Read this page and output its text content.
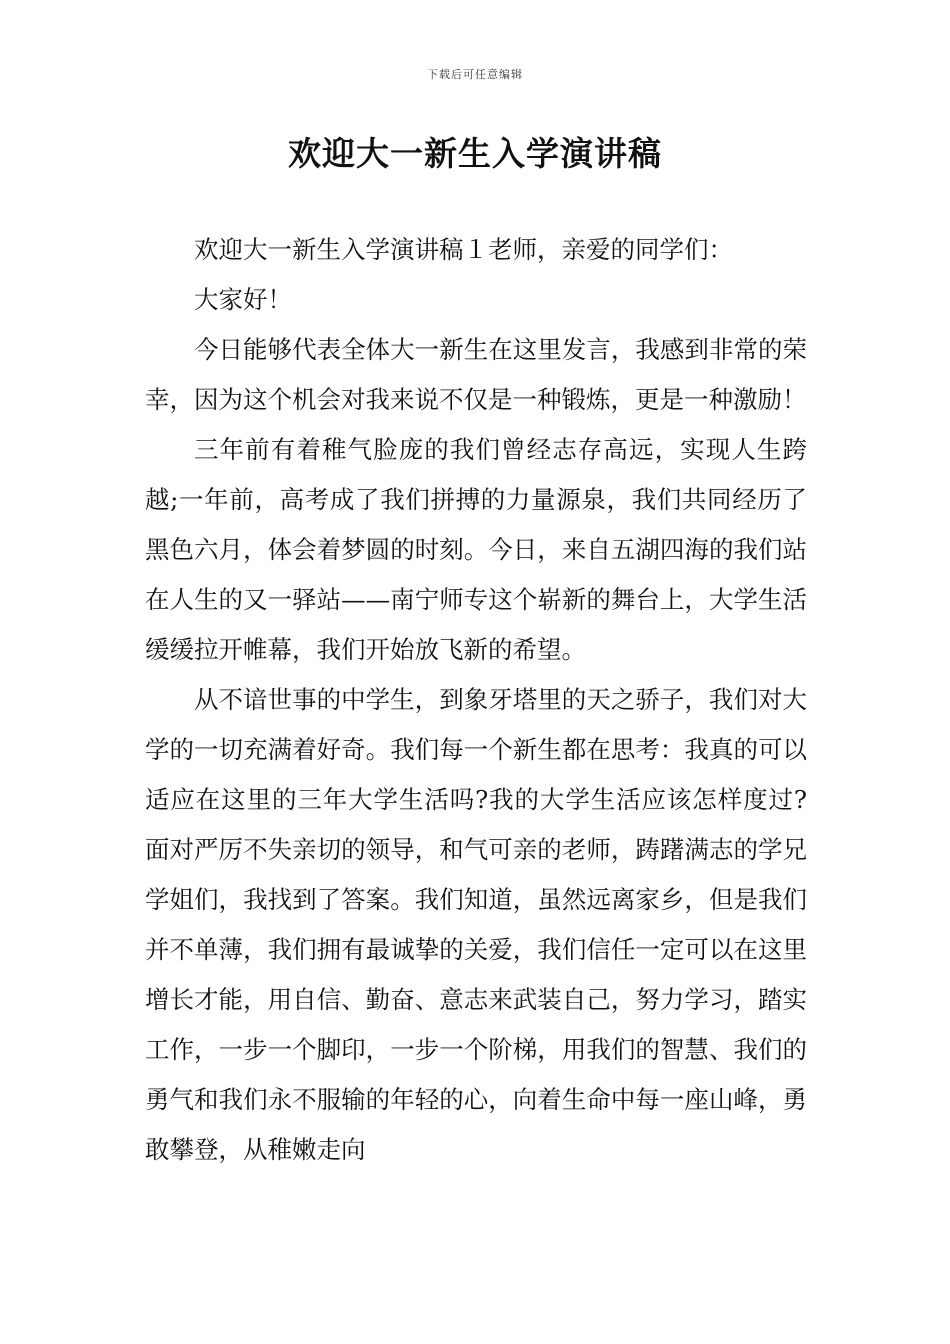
下载后可任意编辑
欢迎大一新生入学演讲稿

欢迎大一新生入学演讲稿１老师，亲爱的同学们：

大家好！

今日能够代表全体大一新生在这里发言，我感到非常的荣幸，因为这个机会对我来说不仅是一种锻炼，更是一种激励！

三年前有着稚气脸庞的我们曾经志存高远，实现人生跨越;一年前，高考成了我们拼搏的力量源泉，我们共同经历了黑色六月，体会着梦圆的时刻。今日，来自五湖四海的我们站在人生的又一驿站——南宁师专这个崭新的舞台上，大学生活缓缓拉开帷幕，我们开始放飞新的希望。

从不谙世事的中学生，到象牙塔里的天之骄子，我们对大学的一切充满着好奇。我们每一个新生都在思考：我真的可以适应在这里的三年大学生活吗?我的大学生活应该怎样度过?面对严厉不失亲切的领导，和气可亲的老师，踌躇满志的学兄学姐们，我找到了答案。我们知道，虽然远离家乡，但是我们并不单薄，我们拥有最诚挚的关爱，我们信任一定可以在这里增长才能，用自信、勤奋、意志来武装自己，努力学习，踏实工作，一步一个脚印，一步一个阶梯，用我们的智慧、我们的勇气和我们永不服输的年轻的心，向着生命中每一座山峰，勇敢攀登，从稚嫩走向
